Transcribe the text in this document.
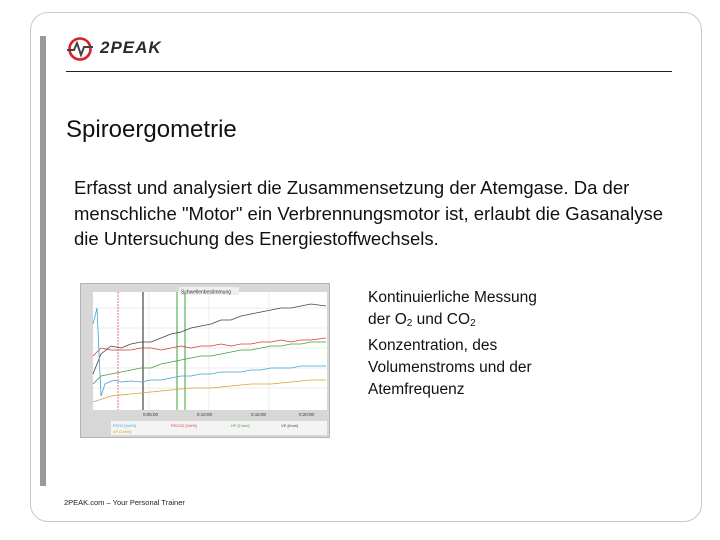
2PEAK
Spiroergometrie
Erfasst und analysiert die Zusammensetzung der Atemgase. Da der menschliche "Motor" ein Verbrennungsmotor ist, erlaubt die Gasanalyse die Untersuchung des Energiestoffwechsels.
Schwellenbestimmung
0:05:00	0:10:00	0:15:00	0:20:00
FEO2 [Vol%]	FECO2 [Vol%]	HF [1/min]	VE [l/min]
AF [1/min]
Kontinuierliche Messung
der $O_2$ und $CO_2$
Konzentration, des
Volumenstroms und der
Atemfrequenz
2PEAK.com – Your Personal Trainer
